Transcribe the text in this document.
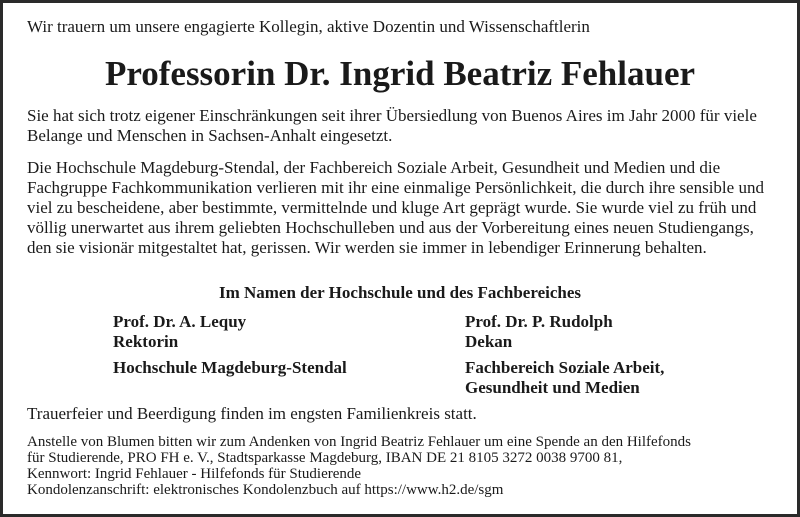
Wir trauern um unsere engagierte Kollegin, aktive Dozentin und Wissenschaftlerin
Professorin Dr. Ingrid Beatriz Fehlauer
Sie hat sich trotz eigener Einschränkungen seit ihrer Übersiedlung von Buenos Aires im Jahr 2000 für viele Belange und Menschen in Sachsen-Anhalt eingesetzt.
Die Hochschule Magdeburg-Stendal, der Fachbereich Soziale Arbeit, Gesundheit und Medien und die Fachgruppe Fachkommunikation verlieren mit ihr eine einmalige Persönlichkeit, die durch ihre sensible und viel zu bescheidene, aber bestimmte, vermittelnde und kluge Art geprägt wurde. Sie wurde viel zu früh und völlig unerwartet aus ihrem geliebten Hochschulleben und aus der Vorbereitung eines neuen Studiengangs, den sie visionär mitgestaltet hat, gerissen. Wir werden sie immer in lebendiger Erinnerung behalten.
Im Namen der Hochschule und des Fachbereiches
Prof. Dr. A. Lequy
Rektorin
Hochschule Magdeburg-Stendal
Prof. Dr. P. Rudolph
Dekan
Fachbereich Soziale Arbeit,
Gesundheit und Medien
Trauerfeier und Beerdigung finden im engsten Familienkreis statt.
Anstelle von Blumen bitten wir zum Andenken von Ingrid Beatriz Fehlauer um eine Spende an den Hilfefonds
für Studierende, PRO FH e. V., Stadtsparkasse Magdeburg, IBAN DE 21 8105 3272 0038 9700 81,
Kennwort: Ingrid Fehlauer - Hilfefonds für Studierende
Kondolenzanschrift: elektronisches Kondolenzbuch auf https://www.h2.de/sgm
